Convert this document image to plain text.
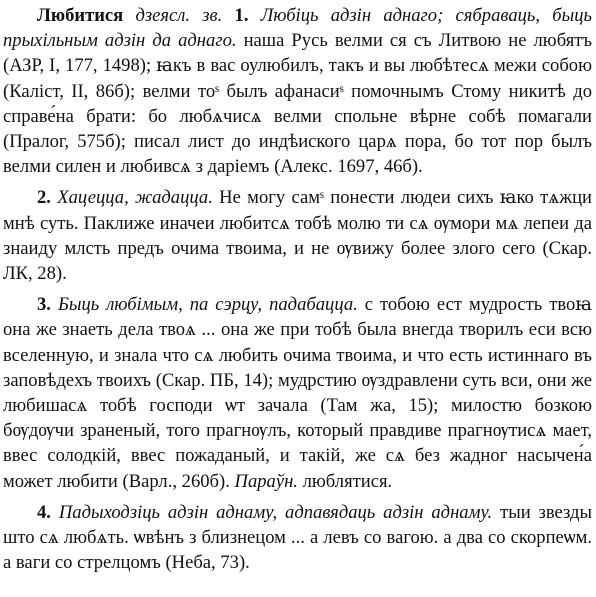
Любитися дзеясл. зв. 1. Любіць адзін аднаго; сябраваць, быць прыхільным адзін да аднаго. наша Русь велми ся съ Литвою не любятъ (АЗР, I, 177, 1498); ꙗкъ в вас оулюбилъ, такъ и вы любѣтесѧ межи собою (Калiст, II, 86б); велми тоˢ былъ афанасиˢ помочнымъ Стому никитѣ до справе́на брати: бо любѧчисѧ велми спольне вѣрне собѣ помагали (Пралог, 575б); писал лист до индѣиского царѧ пора, бо тот пор былъ велми силен и любивсѧ з дарiемъ (Алекс. 1697, 46б).

2. Хацецца, жадацца. Не могу самˢ понести людеи сихъ ꙗко тѧжци мнѣ суть. Паклиже иначеи любитсѧ тобѣ молю ти сѧ ѹмори мѧ лепеи да знаиду млсть предъ очима твоима, и не ѹвижу более злого сего (Скар. ЛК, 28).

3. Быць любімым, па сэрцу, падабацца. с тобою ест мудрость твоꙗ она же знаеть дела твоѧ ... она же при тобѣ была внегда творилъ еси всю вселенную, и знала что сѧ любить очима твоима, и что есть истиннаго въ заповѣдехъ твоихъ (Скар. ПБ, 14); мудрстию ѹздравлени суть вси, они же любишасѧ тобѣ господи ѡт зачала (Там жа, 15); милостю бозкою бѹдѹчи зраненый, того прагнѹлъ, который правдиве прагнѹтисѧ мает, ввес солодкiй, ввес пожаданый, и такiй, же сѧ без жадног насычен́а может любити (Варл., 260б). Параўн. люблятися.

4. Падыходзіць адзін аднаму, адпавядаць адзін аднаму. тыи звезды што сѧ любѧть. ѡвѣнъ з близнецом ... а левъ со вагою. а два со скорпеѡм. а ваги со стрелцомъ (Неба, 73).
